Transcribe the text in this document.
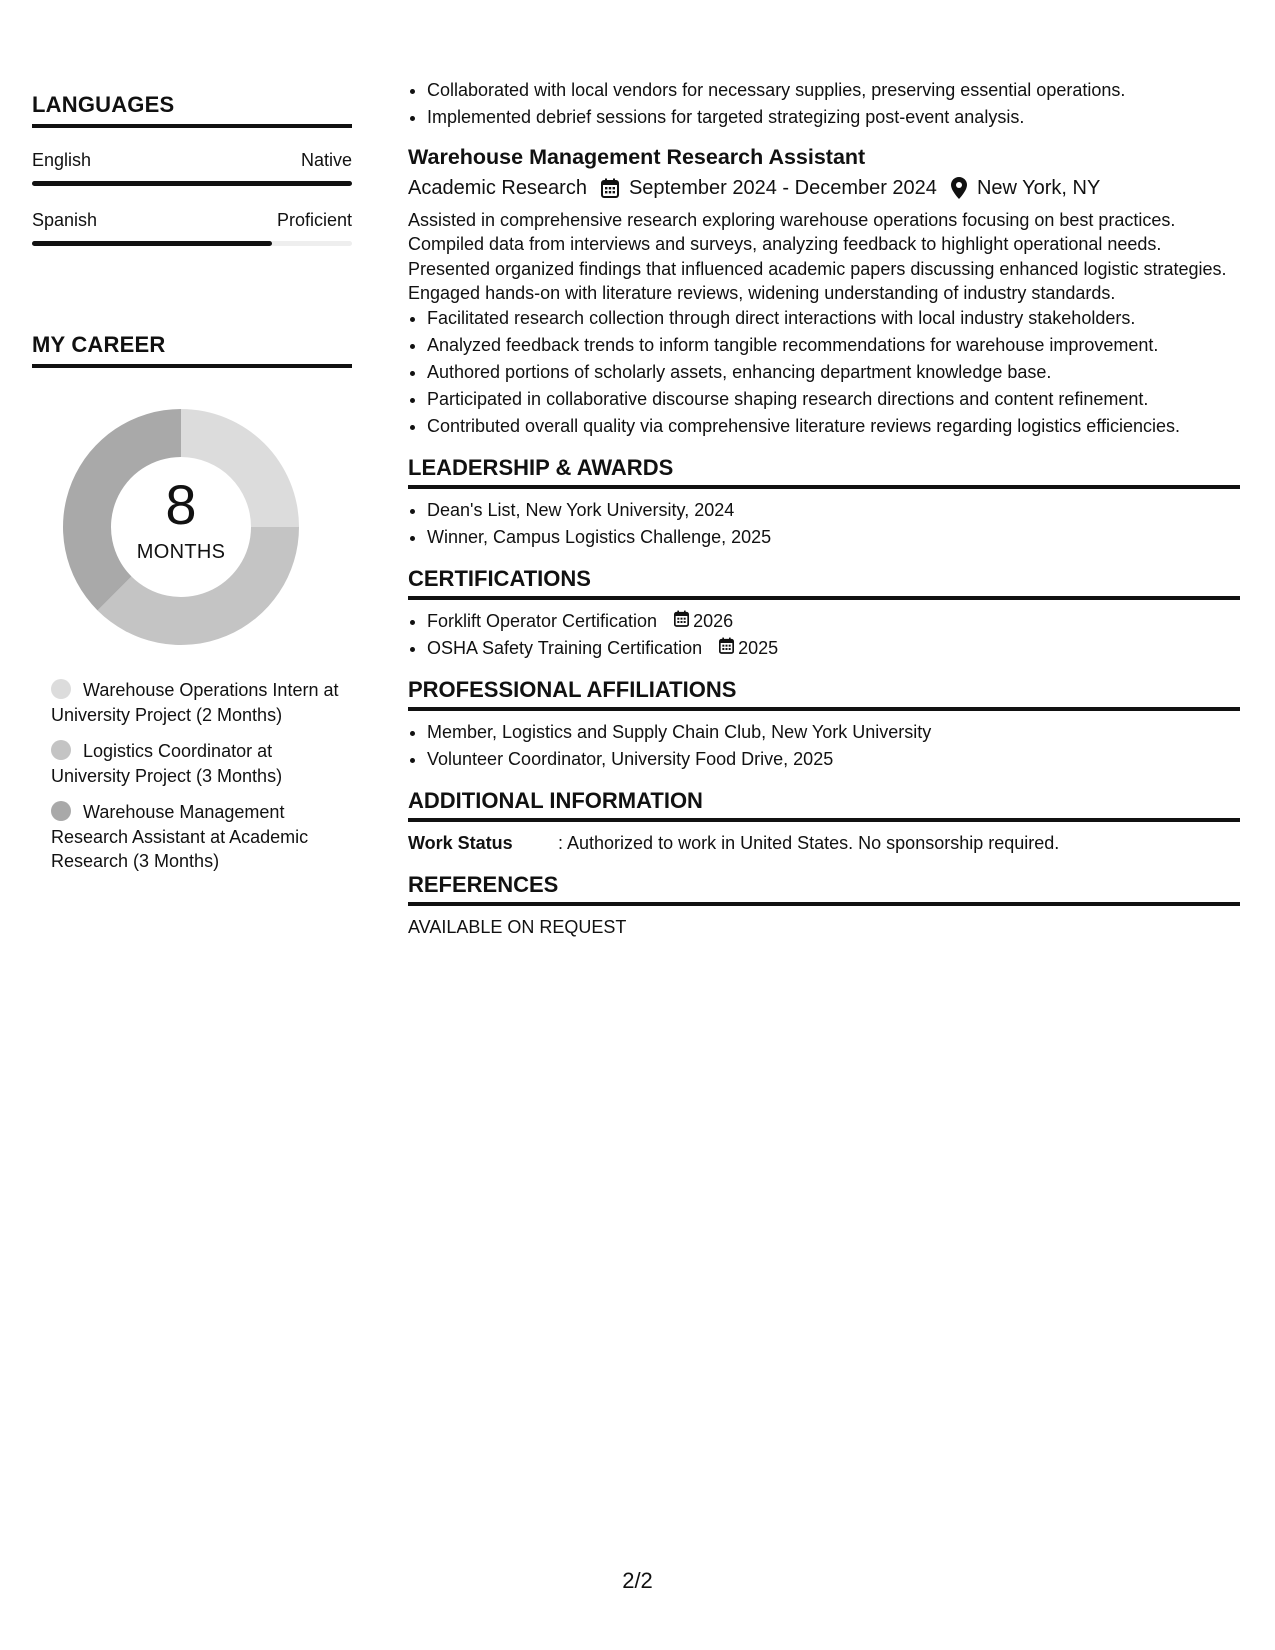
LANGUAGES
English	Native
Spanish	Proficient
MY CAREER
8
MONTHS
Warehouse Operations Intern at University Project (2 Months)
Logistics Coordinator at University Project (3 Months)
Warehouse Management Research Assistant at Academic Research (3 Months)
• Collaborated with local vendors for necessary supplies, preserving essential operations.
• Implemented debrief sessions for targeted strategizing post-event analysis.
Warehouse Management Research Assistant
Academic Research September 2024 - December 2024 New York, NY
Assisted in comprehensive research exploring warehouse operations focusing on best practices. Compiled data from interviews and surveys, analyzing feedback to highlight operational needs. Presented organized findings that influenced academic papers discussing enhanced logistic strategies. Engaged hands-on with literature reviews, widening understanding of industry standards.
• Facilitated research collection through direct interactions with local industry stakeholders.
• Analyzed feedback trends to inform tangible recommendations for warehouse improvement.
• Authored portions of scholarly assets, enhancing department knowledge base.
• Participated in collaborative discourse shaping research directions and content refinement.
• Contributed overall quality via comprehensive literature reviews regarding logistics efficiencies.
LEADERSHIP & AWARDS
• Dean's List, New York University, 2024
• Winner, Campus Logistics Challenge, 2025
CERTIFICATIONS
• Forklift Operator Certification 2026
• OSHA Safety Training Certification 2025
PROFESSIONAL AFFILIATIONS
• Member, Logistics and Supply Chain Club, New York University
• Volunteer Coordinator, University Food Drive, 2025
ADDITIONAL INFORMATION
Work Status	: Authorized to work in United States. No sponsorship required.
REFERENCES
AVAILABLE ON REQUEST
2/2
